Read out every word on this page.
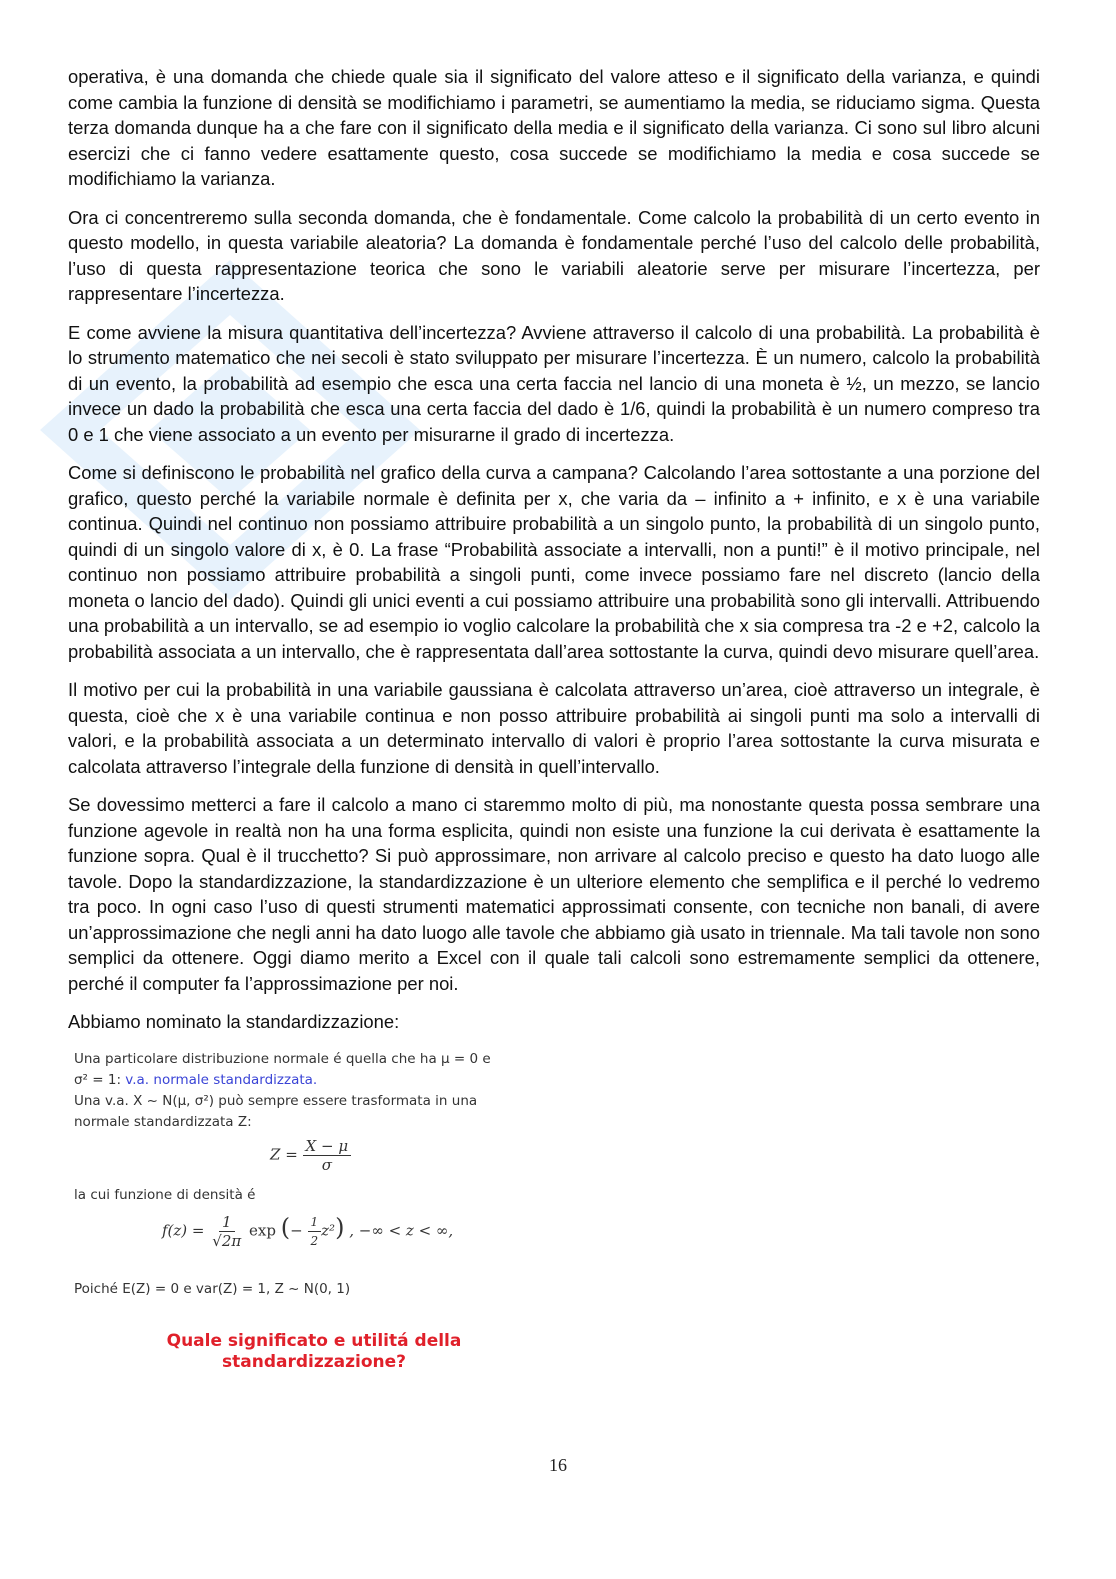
operativa, è una domanda che chiede quale sia il significato del valore atteso e il significato della varianza, e quindi come cambia la funzione di densità se modifichiamo i parametri, se aumentiamo la media, se riduciamo sigma. Questa terza domanda dunque ha a che fare con il significato della media e il significato della varianza. Ci sono sul libro alcuni esercizi che ci fanno vedere esattamente questo, cosa succede se modifichiamo la media e cosa succede se modifichiamo la varianza.

Ora ci concentreremo sulla seconda domanda, che è fondamentale. Come calcolo la probabilità di un certo evento in questo modello, in questa variabile aleatoria? La domanda è fondamentale perché l’uso del calcolo delle probabilità, l’uso di questa rappresentazione teorica che sono le variabili aleatorie serve per misurare l’incertezza, per rappresentare l’incertezza.

E come avviene la misura quantitativa dell’incertezza? Avviene attraverso il calcolo di una probabilità. La probabilità è lo strumento matematico che nei secoli è stato sviluppato per misurare l’incertezza. È un numero, calcolo la probabilità di un evento, la probabilità ad esempio che esca una certa faccia nel lancio di una moneta è ½, un mezzo, se lancio invece un dado la probabilità che esca una certa faccia del dado è 1/6, quindi la probabilità è un numero compreso tra 0 e 1 che viene associato a un evento per misurarne il grado di incertezza.

Come si definiscono le probabilità nel grafico della curva a campana? Calcolando l’area sottostante a una porzione del grafico, questo perché la variabile normale è definita per x, che varia da – infinito a + infinito, e x è una variabile continua. Quindi nel continuo non possiamo attribuire probabilità a un singolo punto, la probabilità di un singolo punto, quindi di un singolo valore di x, è 0. La frase “Probabilità associate a intervalli, non a punti!” è il motivo principale, nel continuo non possiamo attribuire probabilità a singoli punti, come invece possiamo fare nel discreto (lancio della moneta o lancio del dado). Quindi gli unici eventi a cui possiamo attribuire una probabilità sono gli intervalli. Attribuendo una probabilità a un intervallo, se ad esempio io voglio calcolare la probabilità che x sia compresa tra -2 e +2, calcolo la probabilità associata a un intervallo, che è rappresentata dall’area sottostante la curva, quindi devo misurare quell’area.

Il motivo per cui la probabilità in una variabile gaussiana è calcolata attraverso un’area, cioè attraverso un integrale, è questa, cioè che x è una variabile continua e non posso attribuire probabilità ai singoli punti ma solo a intervalli di valori, e la probabilità associata a un determinato intervallo di valori è proprio l’area sottostante la curva misurata e calcolata attraverso l’integrale della funzione di densità in quell’intervallo.

Se dovessimo metterci a fare il calcolo a mano ci staremmo molto di più, ma nonostante questa possa sembrare una funzione agevole in realtà non ha una forma esplicita, quindi non esiste una funzione la cui derivata è esattamente la funzione sopra. Qual è il trucchetto? Si può approssimare, non arrivare al calcolo preciso e questo ha dato luogo alle tavole. Dopo la standardizzazione, la standardizzazione è un ulteriore elemento che semplifica e il perché lo vedremo tra poco. In ogni caso l’uso di questi strumenti matematici approssimati consente, con tecniche non banali, di avere un’approssimazione che negli anni ha dato luogo alle tavole che abbiamo già usato in triennale. Ma tali tavole non sono semplici da ottenere. Oggi diamo merito a Excel con il quale tali calcoli sono estremamente semplici da ottenere, perché il computer fa l’approssimazione per noi.

Abbiamo nominato la standardizzazione:

Una particolare distribuzione normale é quella che ha μ = 0 e
σ² = 1: v.a. normale standardizzata.
Una v.a. X ~ N(μ, σ²) può sempre essere trasformata in una
normale standardizzata Z:
$Z = \frac{X - \mu}{\sigma}$
la cui funzione di densità é
$f(z) = \frac{1}{√2\pi}$ exp (− $\frac{1}{2} z^2$) , −∞ < z < ∞,
Poiché E(Z) = 0 e var(Z) = 1, Z ~ N(0, 1)
Quale significato e utilitá della
standardizzazione?
16
